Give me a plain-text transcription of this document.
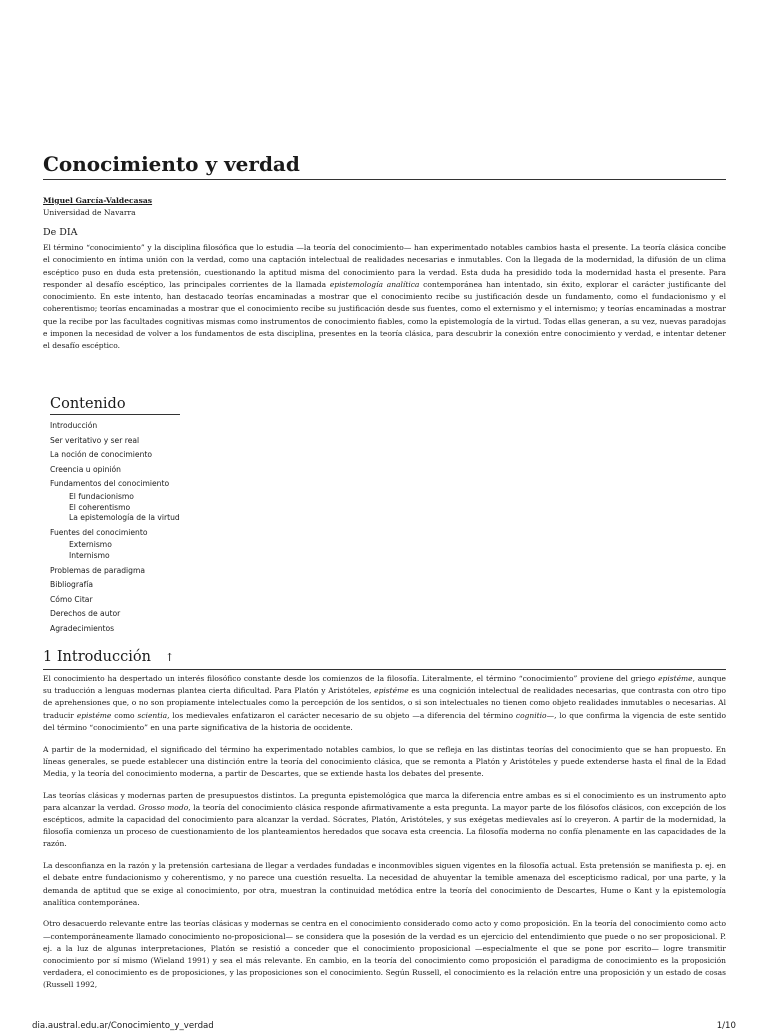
Conocimiento y verdad
Miguel García-Valdecasas
Universidad de Navarra
De DIA

El término “conocimiento” y la disciplina filosófica que lo estudia —la teoría del conocimiento— han experimentado notables cambios hasta el presente. La teoría clásica concibe el conocimiento en íntima unión con la verdad, como una captación intelectual de realidades necesarias e inmutables. Con la llegada de la modernidad, la difusión de un clima escéptico puso en duda esta pretensión, cuestionando la aptitud misma del conocimiento para la verdad. Esta duda ha presidido toda la modernidad hasta el presente. Para responder al desafío escéptico, las principales corrientes de la llamada epistemología analítica contemporánea han intentado, sin éxito, explorar el carácter justificante del conocimiento. En este intento, han destacado teorías encaminadas a mostrar que el conocimiento recibe su justificación desde un fundamento, como el fundacionismo y el coherentismo; teorías encaminadas a mostrar que el conocimiento recibe su justificación desde sus fuentes, como el externismo y el internismo; y teorías encaminadas a mostrar que la recibe por las facultades cognitivas mismas como instrumentos de conocimiento fiables, como la epistemología de la virtud. Todas ellas generan, a su vez, nuevas paradojas e imponen la necesidad de volver a los fundamentos de esta disciplina, presentes en la teoría clásica, para descubrir la conexión entre conocimiento y verdad, e intentar detener el desafío escéptico.

Contenido
Introducción
Ser veritativo y ser real
La noción de conocimiento
Creencia u opinión
Fundamentos del conocimiento
El fundacionismo
El coherentismo
La epistemología de la virtud
Fuentes del conocimiento
Externismo
Internismo
Problemas de paradigma
Bibliografía
Cómo Citar
Derechos de autor
Agradecimientos
1 Introducción ↑

El conocimiento ha despertado un interés filosófico constante desde los comienzos de la filosofía. Literalmente, el término “conocimiento” proviene del griego epistéme, aunque su traducción a lenguas modernas plantea cierta dificultad. Para Platón y Aristóteles, epistéme es una cognición intelectual de realidades necesarias, que contrasta con otro tipo de aprehensiones que, o no son propiamente intelectuales como la percepción de los sentidos, o si son intelectuales no tienen como objeto realidades inmutables o necesarias. Al traducir epistéme como scientia, los medievales enfatizaron el carácter necesario de su objeto —a diferencia del término cognitio—, lo que confirma la vigencia de este sentido del término “conocimiento” en una parte significativa de la historia de occidente.

A partir de la modernidad, el significado del término ha experimentado notables cambios, lo que se refleja en las distintas teorías del conocimiento que se han propuesto. En líneas generales, se puede establecer una distinción entre la teoría del conocimiento clásica, que se remonta a Platón y Aristóteles y puede extenderse hasta el final de la Edad Media, y la teoría del conocimiento moderna, a partir de Descartes, que se extiende hasta los debates del presente.

Las teorías clásicas y modernas parten de presupuestos distintos. La pregunta epistemológica que marca la diferencia entre ambas es si el conocimiento es un instrumento apto para alcanzar la verdad. Grosso modo, la teoría del conocimiento clásica responde afirmativamente a esta pregunta. La mayor parte de los filósofos clásicos, con excepción de los escépticos, admite la capacidad del conocimiento para alcanzar la verdad. Sócrates, Platón, Aristóteles, y sus exégetas medievales así lo creyeron. A partir de la modernidad, la filosofía comienza un proceso de cuestionamiento de los planteamientos heredados que socava esta creencia. La filosofía moderna no confía plenamente en las capacidades de la razón.

La desconfianza en la razón y la pretensión cartesiana de llegar a verdades fundadas e inconmovibles siguen vigentes en la filosofía actual. Esta pretensión se manifiesta p. ej. en el debate entre fundacionismo y coherentismo, y no parece una cuestión resuelta. La necesidad de ahuyentar la temible amenaza del escepticismo radical, por una parte, y la demanda de aptitud que se exige al conocimiento, por otra, muestran la continuidad metódica entre la teoría del conocimiento de Descartes, Hume o Kant y la epistemología analítica contemporánea.

Otro desacuerdo relevante entre las teorías clásicas y modernas se centra en el conocimiento considerado como acto y como proposición. En la teoría del conocimiento como acto —contemporáneamente llamado conocimiento no-proposicional— se considera que la posesión de la verdad es un ejercicio del entendimiento que puede o no ser proposicional. P. ej. a la luz de algunas interpretaciones, Platón se resistió a conceder que el conocimiento proposicional —especialmente el que se pone por escrito— logre transmitir conocimiento por sí mismo (Wieland 1991) y sea el más relevante. En cambio, en la teoría del conocimiento como proposición el paradigma de conocimiento es la proposición verdadera, el conocimiento es de proposiciones, y las proposiciones son el conocimiento. Según Russell, el conocimiento es la relación entre una proposición y un estado de cosas (Russell 1992,

dia.austral.edu.ar/Conocimiento_y_verdad	1/10
